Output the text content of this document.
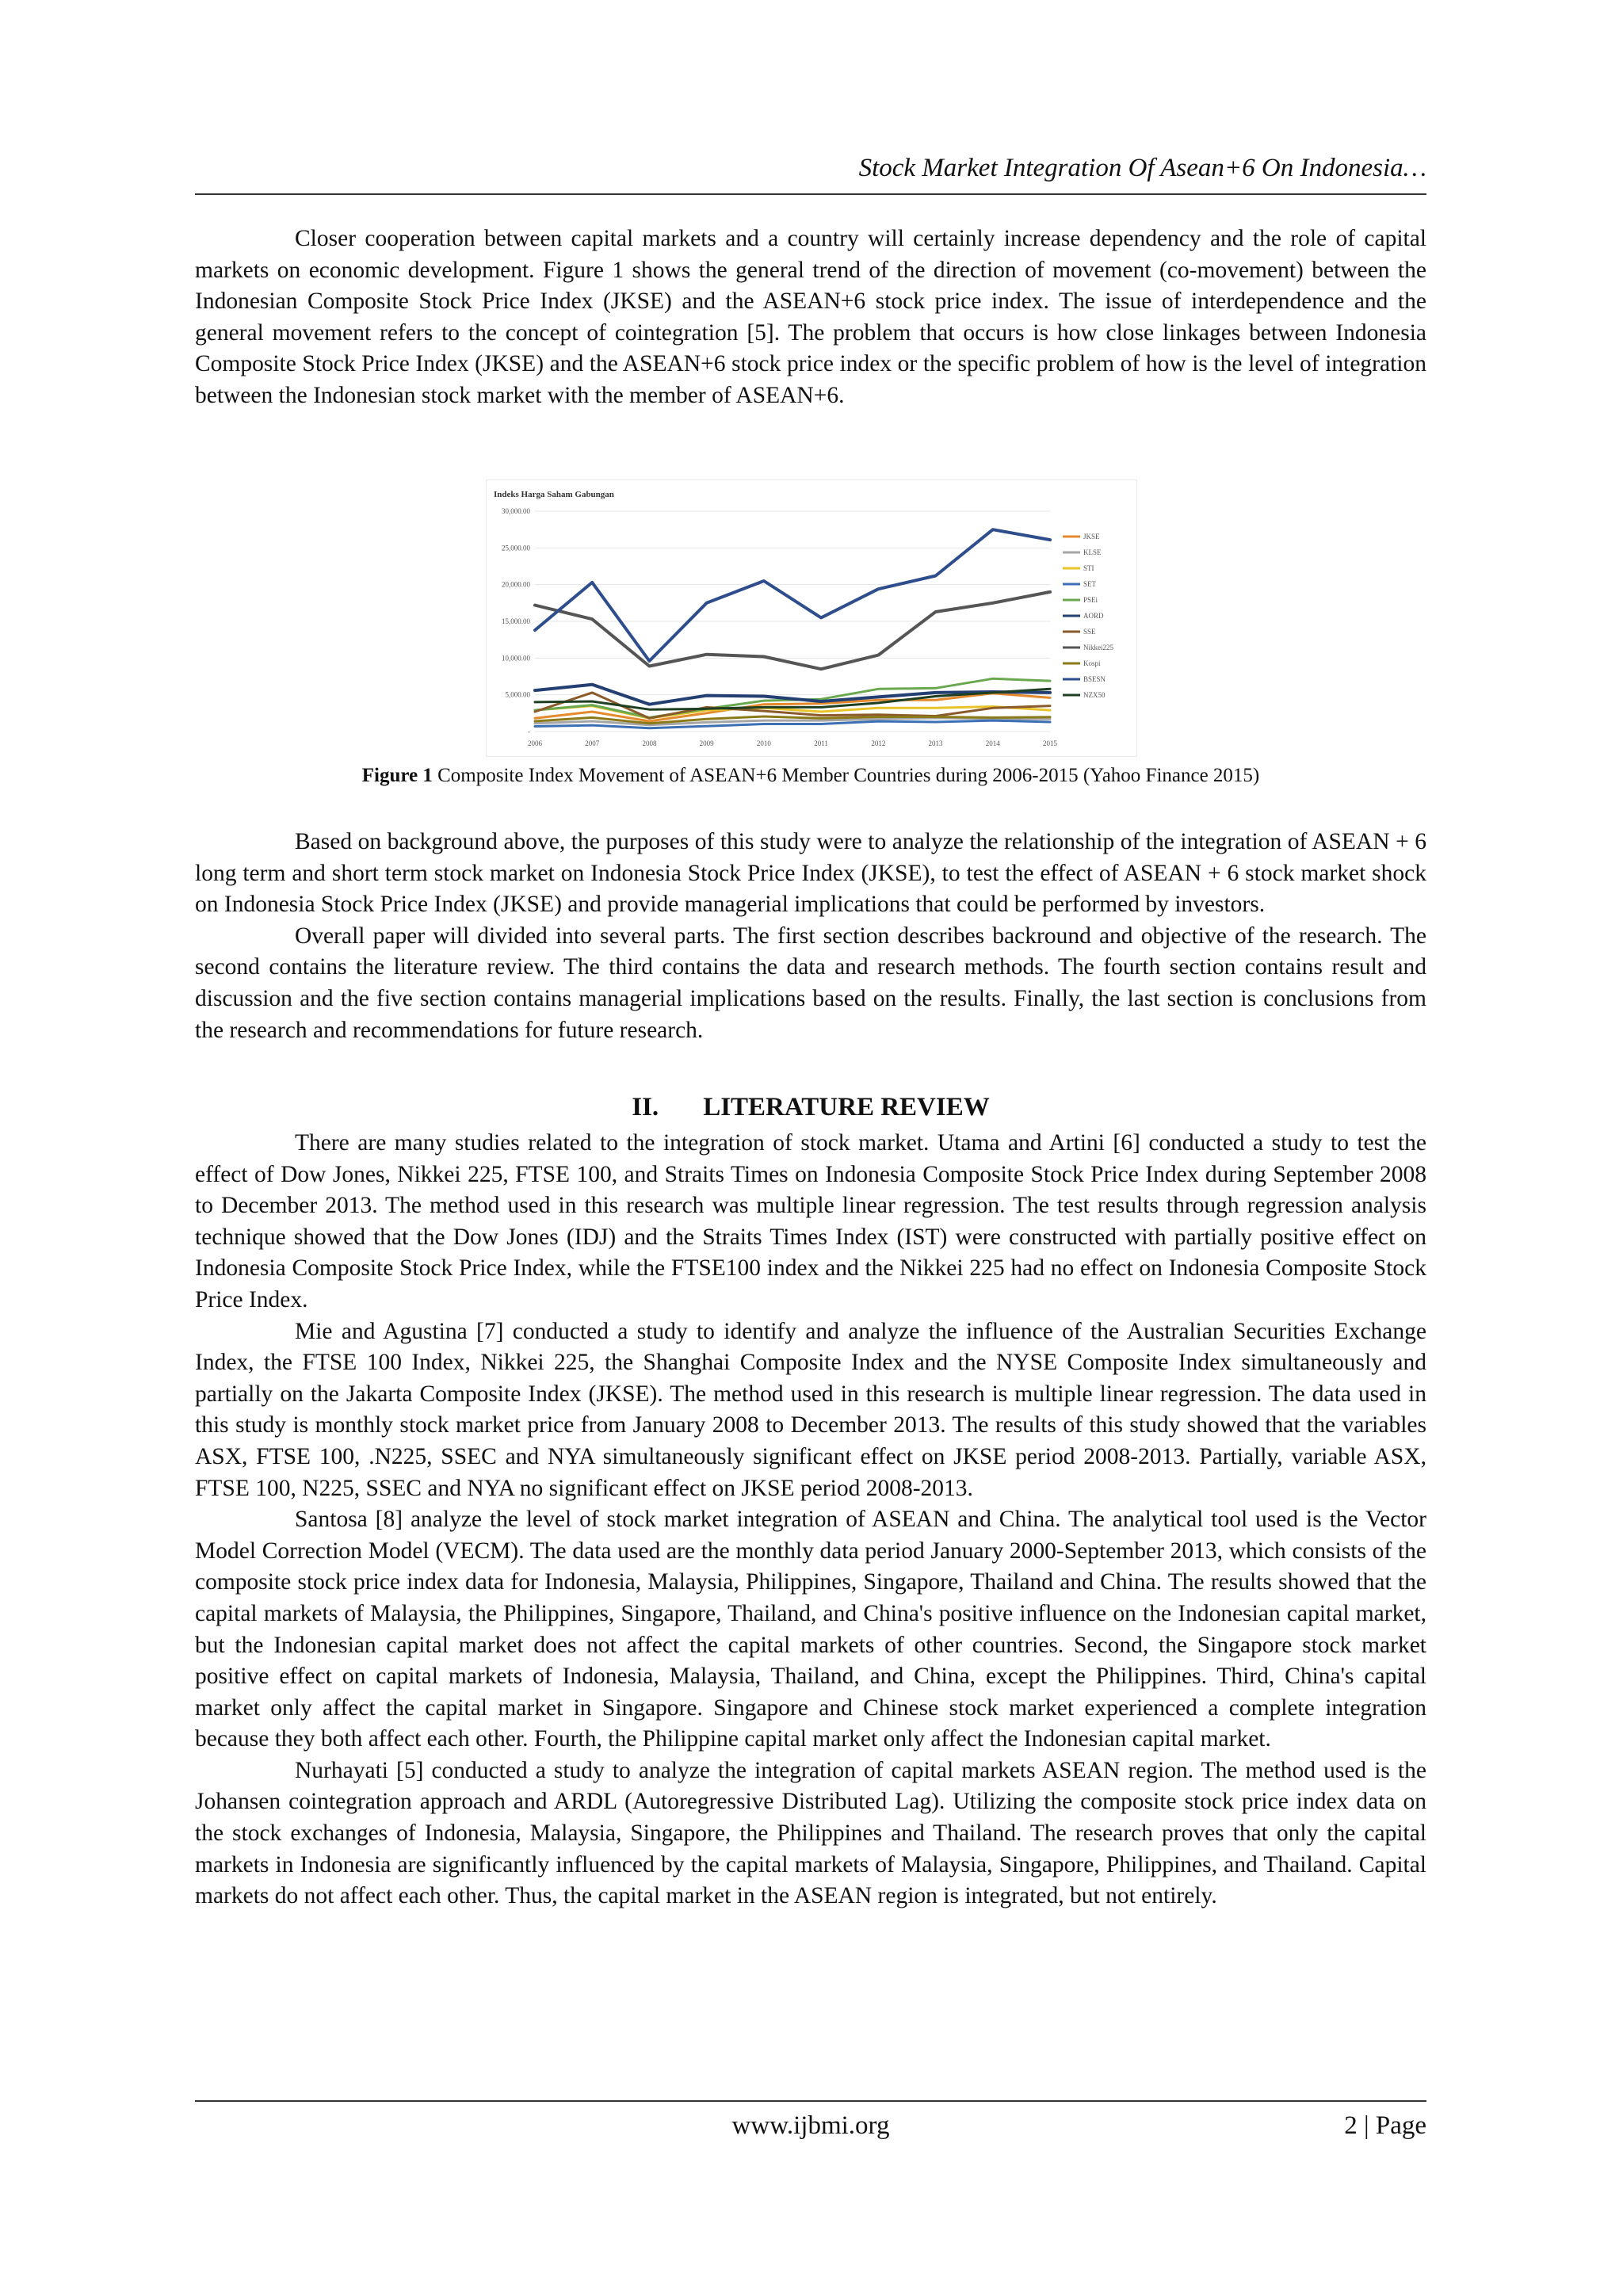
Stock Market Integration Of Asean+6 On Indonesia…

Closer cooperation between capital markets and a country will certainly increase dependency and the role of capital markets on economic development. Figure 1 shows the general trend of the direction of movement (co-movement) between the Indonesian Composite Stock Price Index (JKSE) and the ASEAN+6 stock price index. The issue of interdependence and the general movement refers to the concept of cointegration [5]. The problem that occurs is how close linkages between Indonesia Composite Stock Price Index (JKSE) and the ASEAN+6 stock price index or the specific problem of how is the level of integration between the Indonesian stock market with the member of ASEAN+6.

Indeks Harga Saham Gabungan
30,000.00
25,000.00
20,000.00
15,000.00
10,000.00
5,000.00
-
2006	2007	2008	2009	2010	2011	2012	2013	2014	2015
JKSE
KLSE
STI
SET
PSEi
AORD
SSE
Nikkei225
Kospi
BSESN
NZX50
Figure 1 Composite Index Movement of ASEAN+6 Member Countries during 2006-2015 (Yahoo Finance 2015)

Based on background above, the purposes of this study were to analyze the relationship of the integration of ASEAN + 6 long term and short term stock market on Indonesia Stock Price Index (JKSE), to test the effect of ASEAN + 6 stock market shock on Indonesia Stock Price Index (JKSE) and provide managerial implications that could be performed by investors.

Overall paper will divided into several parts. The first section describes backround and objective of the research. The second contains the literature review. The third contains the data and research methods. The fourth section contains result and discussion and the five section contains managerial implications based on the results. Finally, the last section is conclusions from the research and recommendations for future research.

II. LITERATURE REVIEW

There are many studies related to the integration of stock market. Utama and Artini [6] conducted a study to test the effect of Dow Jones, Nikkei 225, FTSE 100, and Straits Times on Indonesia Composite Stock Price Index during September 2008 to December 2013. The method used in this research was multiple linear regression. The test results through regression analysis technique showed that the Dow Jones (IDJ) and the Straits Times Index (IST) were constructed with partially positive effect on Indonesia Composite Stock Price Index, while the FTSE100 index and the Nikkei 225 had no effect on Indonesia Composite Stock Price Index.

Mie and Agustina [7] conducted a study to identify and analyze the influence of the Australian Securities Exchange Index, the FTSE 100 Index, Nikkei 225, the Shanghai Composite Index and the NYSE Composite Index simultaneously and partially on the Jakarta Composite Index (JKSE). The method used in this research is multiple linear regression. The data used in this study is monthly stock market price from January 2008 to December 2013. The results of this study showed that the variables ASX, FTSE 100, .N225, SSEC and NYA simultaneously significant effect on JKSE period 2008-2013. Partially, variable ASX, FTSE 100, N225, SSEC and NYA no significant effect on JKSE period 2008-2013.

Santosa [8] analyze the level of stock market integration of ASEAN and China. The analytical tool used is the Vector Model Correction Model (VECM). The data used are the monthly data period January 2000-September 2013, which consists of the composite stock price index data for Indonesia, Malaysia, Philippines, Singapore, Thailand and China. The results showed that the capital markets of Malaysia, the Philippines, Singapore, Thailand, and China's positive influence on the Indonesian capital market, but the Indonesian capital market does not affect the capital markets of other countries. Second, the Singapore stock market positive effect on capital markets of Indonesia, Malaysia, Thailand, and China, except the Philippines. Third, China's capital market only affect the capital market in Singapore. Singapore and Chinese stock market experienced a complete integration because they both affect each other. Fourth, the Philippine capital market only affect the Indonesian capital market.

Nurhayati [5] conducted a study to analyze the integration of capital markets ASEAN region. The method used is the Johansen cointegration approach and ARDL (Autoregressive Distributed Lag). Utilizing the composite stock price index data on the stock exchanges of Indonesia, Malaysia, Singapore, the Philippines and Thailand. The research proves that only the capital markets in Indonesia are significantly influenced by the capital markets of Malaysia, Singapore, Philippines, and Thailand. Capital markets do not affect each other. Thus, the capital market in the ASEAN region is integrated, but not entirely.

www.ijbmi.org	2 | Page
